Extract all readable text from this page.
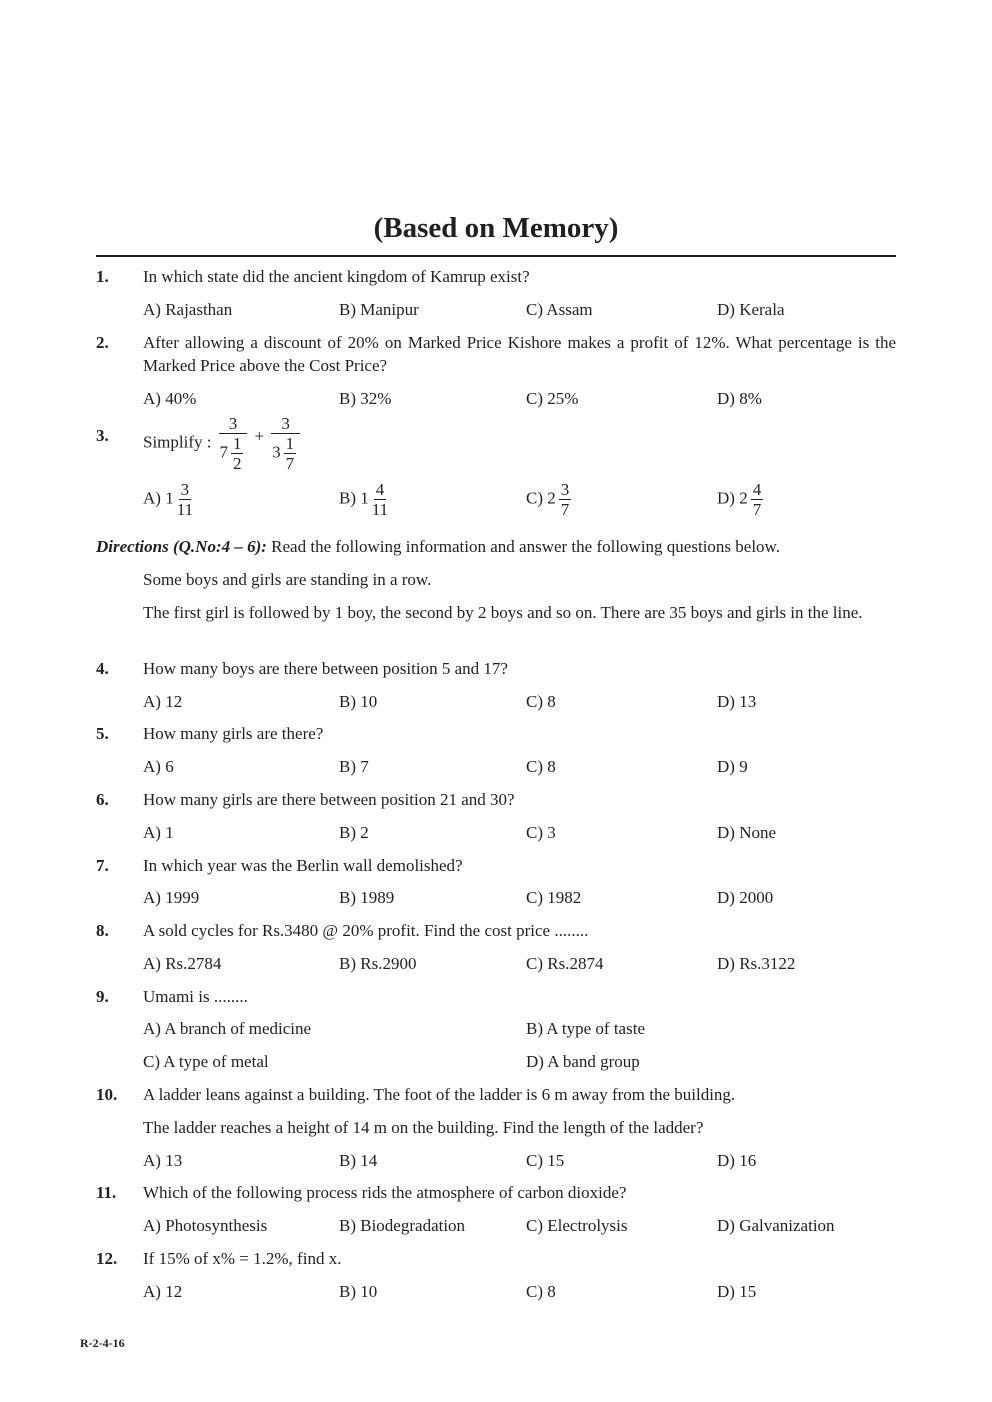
(Based on Memory)
1. In which state did the ancient kingdom of Kamrup exist?
A) Rajasthan	B) Manipur	C) Assam	D) Kerala
2. After allowing a discount of 20% on Marked Price Kishore makes a profit of 12%. What percentage is the Marked Price above the Cost Price?
A) 40%	B) 32%	C) 25%	D) 8%
4. How many boys are there between position 5 and 17?
A) 12	B) 10	C) 8	D) 13
5. How many girls are there?
A) 6	B) 7	C) 8	D) 9
6. How many girls are there between position 21 and 30?
A) 1	B) 2	C) 3	D) None
7. In which year was the Berlin wall demolished?
A) 1999	B) 1989	C) 1982	D) 2000
8. A sold cycles for Rs.3480 @ 20% profit. Find the cost price ........
A) Rs.2784	B) Rs.2900	C) Rs.2874	D) Rs.3122
9. Umami is ........
A) A branch of medicine	B) A type of taste
C) A type of metal	D) A band group
10. A ladder leans against a building. The foot of the ladder is 6 m away from the building.
The ladder reaches a height of 14 m on the building. Find the length of the ladder?
A) 13	B) 14	C) 15	D) 16
11. Which of the following process rids the atmosphere of carbon dioxide?
A) Photosynthesis	B) Biodegradation	C) Electrolysis	D) Galvanization
12. If 15% of x% = 1.2%, find x.
A) 12	B) 10	C) 8	D) 15
3. Simplify : $\frac{3}{7 \frac{1}{2}} + \frac{3}{3 \frac{1}{7}}$
A) $1 \frac{3}{11}$	B) $1 \frac{4}{11}$	C) $2 \frac{3}{7}$	D) $2 \frac{4}{7}$
Directions (Q.No:4 – 6): Read the following information and answer the following questions below.
Some boys and girls are standing in a row.
The first girl is followed by 1 boy, the second by 2 boys and so on. There are 35 boys and girls in the line.
R-2-4-16
